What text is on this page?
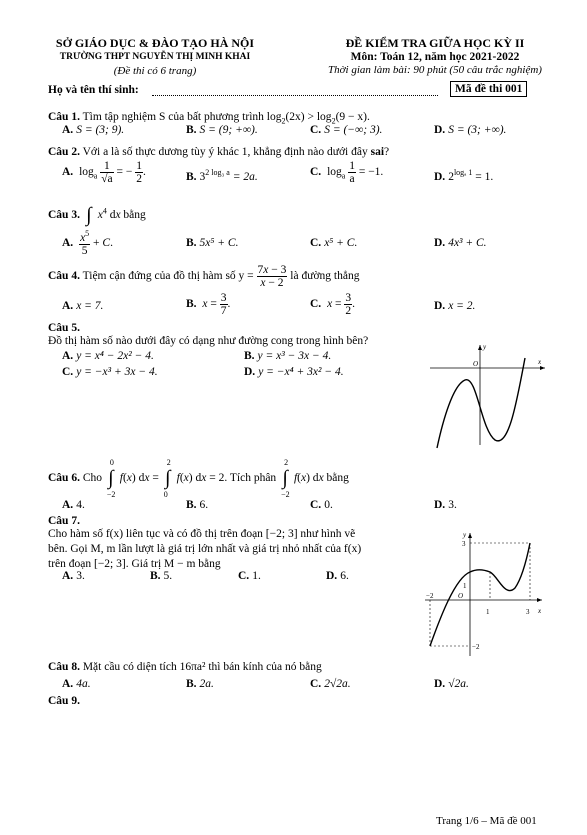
SỞ GIÁO DỤC & ĐÀO TẠO HÀ NỘI
TRƯỜNG THPT NGUYỄN THỊ MINH KHAI
(Đề thi có 6 trang)
ĐỀ KIỂM TRA GIỮA HỌC KỲ II
Môn: Toán 12, năm học 2021-2022
Thời gian làm bài: 90 phút (50 câu trắc nghiệm)
Họ và tên thí sinh:	Mã đề thi 001
Câu 1. Tìm tập nghiệm S của bất phương trình $\log_2(2x) > \log_2(9 - x)$.
A. S = (3; 9).	B. S = (9; +∞).	C. S = (−∞; 3).	D. S = (3; +∞).
Câu 2. Với a là số thực dương tùy ý khác 1, khẳng định nào dưới đây sai?
A. $\log_a \frac{1}{√a}$ = − $\frac{1}{2}$ .	B. $3^{2 log_3 a} = 2a$.	C. $\log_a \frac{1}{a} = -1$.	D. $2^{log_a 1} = 1$.
Câu 3. ∫ $x^4$ dx bằng
A. $\frac{x^5}{5} + C$.	B. 5x⁵ + C.	C. x⁵ + C.	D. 4x³ + C.
Câu 4. Tiệm cận đứng của đồ thị hàm số $y = \frac{7x - 3}{x - 2}$ là đường thẳng
A. x = 7.	B. $x = \frac{3}{7}$ .	C. $x = \frac{3}{2}$ .	D. x = 2.
Câu 5.
Đồ thị hàm số nào dưới đây có dạng như đường cong trong hình bên?
A. y = x⁴ − 2x² − 4.	B. y = x³ − 3x − 4.
C. y = −x³ + 3x − 4.	D. y = −x⁴ + 3x² − 4.
x
y
O
Câu 6. Cho
0
∫
−2
f(x) dx =
2
∫
0
f(x) dx = 2. Tích phân
2
∫
−2
f(x) dx bằng
A. 4.	B. 6.	C. 0.	D. 3.
Câu 7.
Cho hàm số f(x) liên tục và có đồ thị trên đoạn [−2; 3] như hình vẽ
bên. Gọi M, m lần lượt là giá trị lớn nhất và giá trị nhỏ nhất của f(x)
trên đoạn [−2; 3]. Giá trị M − m bằng
A. 3.	B. 5.	C. 1.	D. 6.
x
y
O
−2
3
1
1	3
−2
Câu 8. Mặt cầu có diện tích 16πa² thì bán kính của nó bằng
A. 4a.	B. 2a.	C. 2√2a.	D. √2a.
Câu 9.
Trang 1/6 – Mã đề 001
